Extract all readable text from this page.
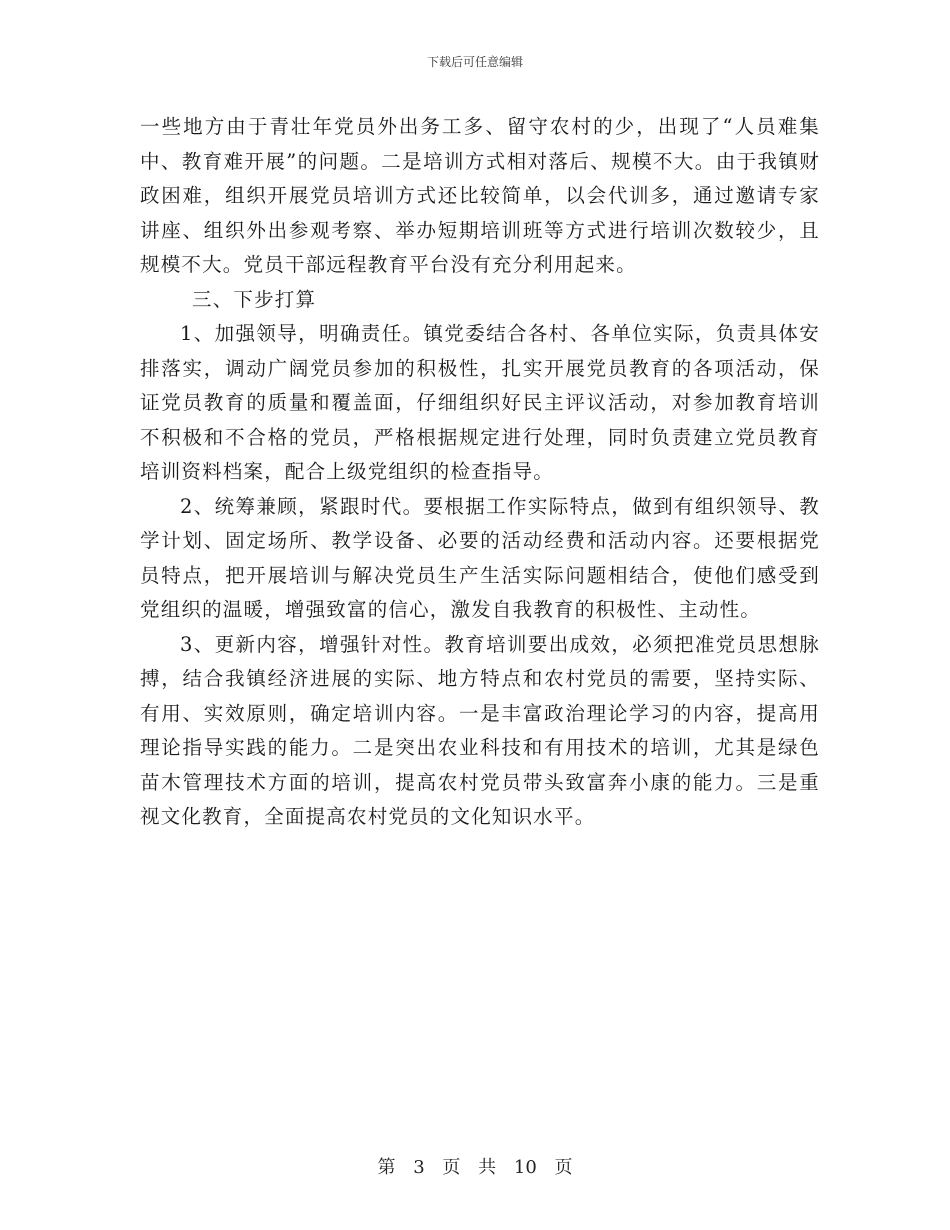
下载后可任意编辑

一些地方由于青壮年党员外出务工多、留守农村的少，出现了“人员难集中、教育难开展”的问题。二是培训方式相对落后、规模不大。由于我镇财政困难，组织开展党员培训方式还比较简单，以会代训多，通过邀请专家讲座、组织外出参观考察、举办短期培训班等方式进行培训次数较少，且规模不大。党员干部远程教育平台没有充分利用起来。

三、下步打算

1、加强领导，明确责任。镇党委结合各村、各单位实际，负责具体安排落实，调动广阔党员参加的积极性，扎实开展党员教育的各项活动，保证党员教育的质量和覆盖面，仔细组织好民主评议活动，对参加教育培训不积极和不合格的党员，严格根据规定进行处理，同时负责建立党员教育培训资料档案，配合上级党组织的检查指导。

2、统筹兼顾，紧跟时代。要根据工作实际特点，做到有组织领导、教学计划、固定场所、教学设备、必要的活动经费和活动内容。还要根据党员特点，把开展培训与解决党员生产生活实际问题相结合，使他们感受到党组织的温暖，增强致富的信心，激发自我教育的积极性、主动性。

3、更新内容，增强针对性。教育培训要出成效，必须把准党员思想脉搏，结合我镇经济进展的实际、地方特点和农村党员的需要，坚持实际、有用、实效原则，确定培训内容。一是丰富政治理论学习的内容，提高用理论指导实践的能力。二是突出农业科技和有用技术的培训，尤其是绿色苗木管理技术方面的培训，提高农村党员带头致富奔小康的能力。三是重视文化教育，全面提高农村党员的文化知识水平。

第 3 页 共 10 页
